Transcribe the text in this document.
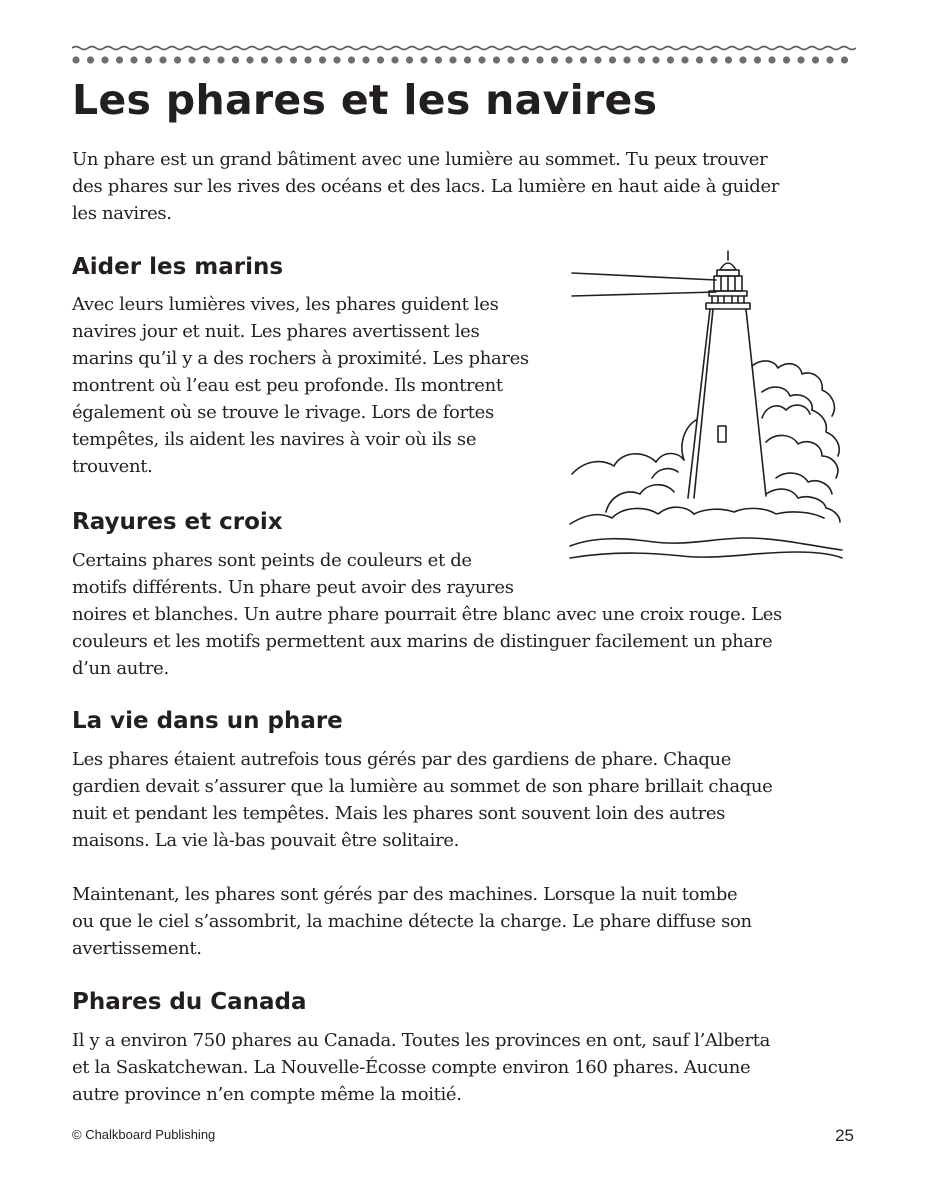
Les phares et les navires

Un phare est un grand bâtiment avec une lumière au sommet. Tu peux trouver
des phares sur les rives des océans et des lacs. La lumière en haut aide à guider
les navires.

Aider les marins

Avec leurs lumières vives, les phares guident les
navires jour et nuit. Les phares avertissent les
marins qu’il y a des rochers à proximité. Les phares
montrent où l’eau est peu profonde. Ils montrent
également où se trouve le rivage. Lors de fortes
tempêtes, ils aident les navires à voir où ils se
trouvent.

Rayures et croix

Certains phares sont peints de couleurs et de
motifs différents. Un phare peut avoir des rayures
noires et blanches. Un autre phare pourrait être blanc avec une croix rouge. Les
couleurs et les motifs permettent aux marins de distinguer facilement un phare
d’un autre.

La vie dans un phare

Les phares étaient autrefois tous gérés par des gardiens de phare. Chaque
gardien devait s’assurer que la lumière au sommet de son phare brillait chaque
nuit et pendant les tempêtes. Mais les phares sont souvent loin des autres
maisons. La vie là-bas pouvait être solitaire.

Maintenant, les phares sont gérés par des machines. Lorsque la nuit tombe
ou que le ciel s’assombrit, la machine détecte la charge. Le phare diffuse son
avertissement.

Phares du Canada

Il y a environ 750 phares au Canada. Toutes les provinces en ont, sauf l’Alberta
et la Saskatchewan. La Nouvelle-Écosse compte environ 160 phares. Aucune
autre province n’en compte même la moitié.

© Chalkboard Publishing	25
